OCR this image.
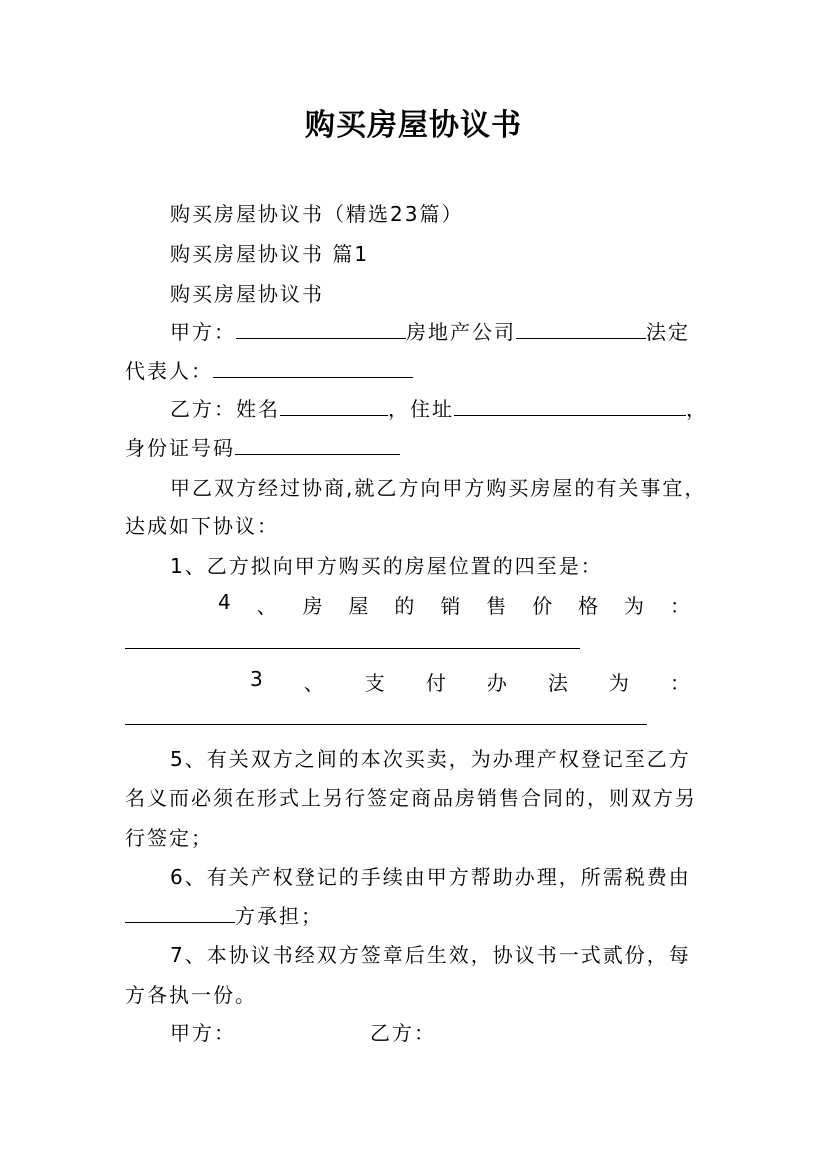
购买房屋协议书
购买房屋协议书（精选23篇）
购买房屋协议书 篇1
购买房屋协议书
甲方：	房地产公司	法定
代表人：
乙方：姓名	，住址	，
身份证号码
甲乙双方经过协商,就乙方向甲方购买房屋的有关事宜，
达成如下协议：
1、乙方拟向甲方购买的房屋位置的四至是：
4 、 房 屋 的 销 售 价 格 为 ：
3 、 支 付 办 法 为 ：
5、有关双方之间的本次买卖，为办理产权登记至乙方
名义而必须在形式上另行签定商品房销售合同的，则双方另
行签定；
6、有关产权登记的手续由甲方帮助办理，所需税费由
方承担；
7、本协议书经双方签章后生效，协议书一式贰份，每
方各执一份。
甲方：	乙方：
